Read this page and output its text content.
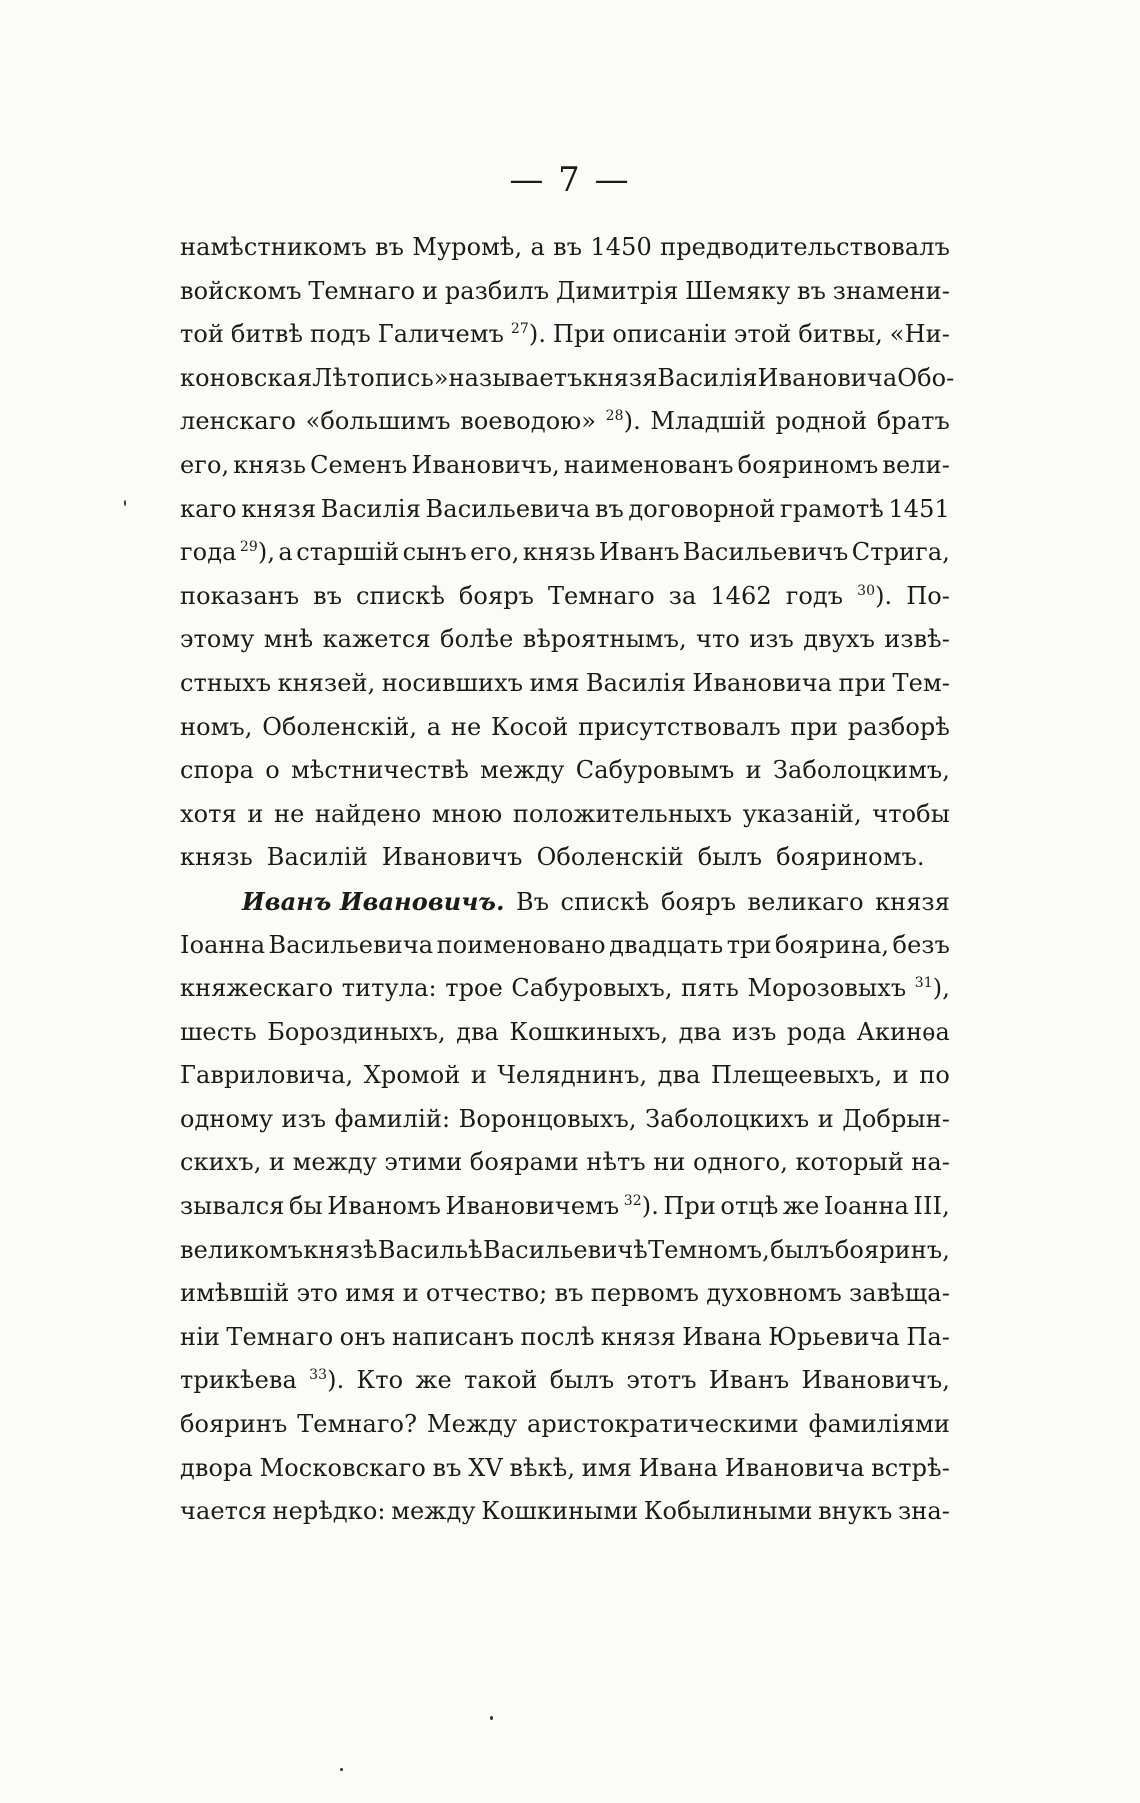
— 7 —
намѣстникомъ въ Муромѣ, а въ 1450 предводительствовалъ
войскомъ Темнаго и разбилъ Димитрія Шемяку въ знамени-
той битвѣ подъ Галичемъ $^{27}$). При описаніи этой битвы, «Ни-
коновская Лѣтопись» называетъ князя Василія Ивановича Обо-
ленскаго «большимъ воеводою» $^{28}$). Младшій родной братъ
его, князь Семенъ Ивановичъ, наименованъ бояриномъ вели-
каго князя Василія Васильевича въ договорной грамотѣ 1451
года $^{29}$), а старшій сынъ его, князь Иванъ Васильевичъ Стрига,
показанъ въ спискѣ бояръ Темнаго за 1462 годъ $^{30}$). По-
этому мнѣ кажется болѣе вѣроятнымъ, что изъ двухъ извѣ-
стныхъ князей, носившихъ имя Василія Ивановича при Тем-
номъ, Оболенскій, а не Косой присутствовалъ при разборѣ
спора о мѣстничествѣ между Сабуровымъ и Заболоцкимъ,
хотя и не найдено мною положительныхъ указаній, чтобы
князь Василій Ивановичъ Оболенскій былъ бояриномъ.
Иванъ Ивановичъ. Въ спискѣ бояръ великаго князя
Іоанна Васильевича поименовано двадцать три боярина, безъ
княжескаго титула: трое Сабуровыхъ, пять Морозовыхъ $^{31}$),
шесть Бороздиныхъ, два Кошкиныхъ, два изъ рода Акинѳа
Гавриловича, Хромой и Челяднинъ, два Плещеевыхъ, и по
одному изъ фамилій: Воронцовыхъ, Заболоцкихъ и Добрын-
скихъ, и между этими боярами нѣтъ ни одного, который на-
зывался бы Иваномъ Ивановичемъ $^{32}$). При отцѣ же Іоанна III,
великомъ князѣ Васильѣ Васильевичѣ Темномъ, былъ бояринъ,
имѣвшій это имя и отчество; въ первомъ духовномъ завѣща-
ніи Темнаго онъ написанъ послѣ князя Ивана Юрьевича Па-
трикѣева $^{33}$). Кто же такой былъ этотъ Иванъ Ивановичъ,
бояринъ Темнаго? Между аристократическими фамиліями
двора Московскаго въ XV вѣкѣ, имя Ивана Ивановича встрѣ-
чается нерѣдко: между Кошкиными Кобылиными внукъ зна-
